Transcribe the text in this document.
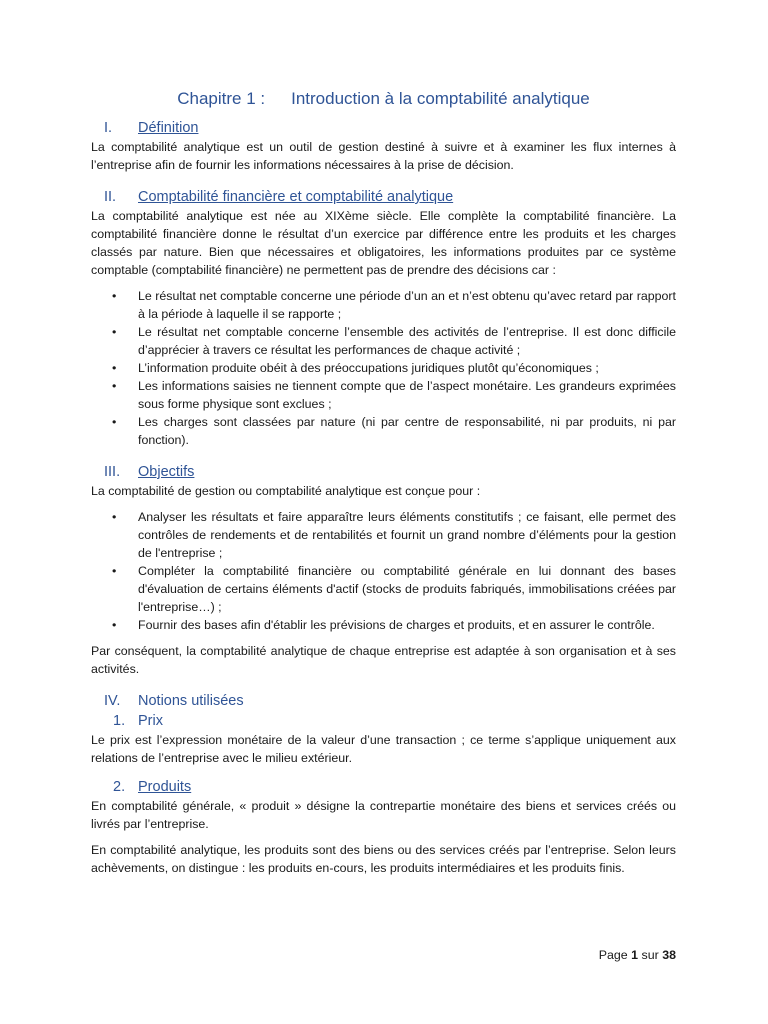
Chapitre 1 : Introduction à la comptabilité analytique
I. Définition

La comptabilité analytique est un outil de gestion destiné à suivre et à examiner les flux internes à l’entreprise afin de fournir les informations nécessaires à la prise de décision.

II. Comptabilité financière et comptabilité analytique

La comptabilité analytique est née au XIXème siècle. Elle complète la comptabilité financière. La comptabilité financière donne le résultat d’un exercice par différence entre les produits et les charges classés par nature. Bien que nécessaires et obligatoires, les informations produites par ce système comptable (comptabilité financière) ne permettent pas de prendre des décisions car :

• Le résultat net comptable concerne une période d’un an et n’est obtenu qu’avec retard par rapport à la période à laquelle il se rapporte ;
• Le résultat net comptable concerne l’ensemble des activités de l’entreprise. Il est donc difficile d’apprécier à travers ce résultat les performances de chaque activité ;
• L’information produite obéit à des préoccupations juridiques plutôt qu’économiques ;
• Les informations saisies ne tiennent compte que de l’aspect monétaire. Les grandeurs exprimées sous forme physique sont exclues ;
• Les charges sont classées par nature (ni par centre de responsabilité, ni par produits, ni par fonction).
III. Objectifs

La comptabilité de gestion ou comptabilité analytique est conçue pour :

• Analyser les résultats et faire apparaître leurs éléments constitutifs ; ce faisant, elle permet des contrôles de rendements et de rentabilités et fournit un grand nombre d’éléments pour la gestion de l'entreprise ;
• Compléter la comptabilité financière ou comptabilité générale en lui donnant des bases d'évaluation de certains éléments d'actif (stocks de produits fabriqués, immobilisations créées par l'entreprise…) ;
• Fournir des bases afin d'établir les prévisions de charges et produits, et en assurer le contrôle.

Par conséquent, la comptabilité analytique de chaque entreprise est adaptée à son organisation et à ses activités.

IV. Notions utilisées
1. Prix

Le prix est l’expression monétaire de la valeur d’une transaction ; ce terme s’applique uniquement aux relations de l’entreprise avec le milieu extérieur.

2. Produits

En comptabilité générale, « produit » désigne la contrepartie monétaire des biens et services créés ou livrés par l’entreprise.

En comptabilité analytique, les produits sont des biens ou des services créés par l’entreprise. Selon leurs achèvements, on distingue : les produits en-cours, les produits intermédiaires et les produits finis.

Page 1 sur 38
